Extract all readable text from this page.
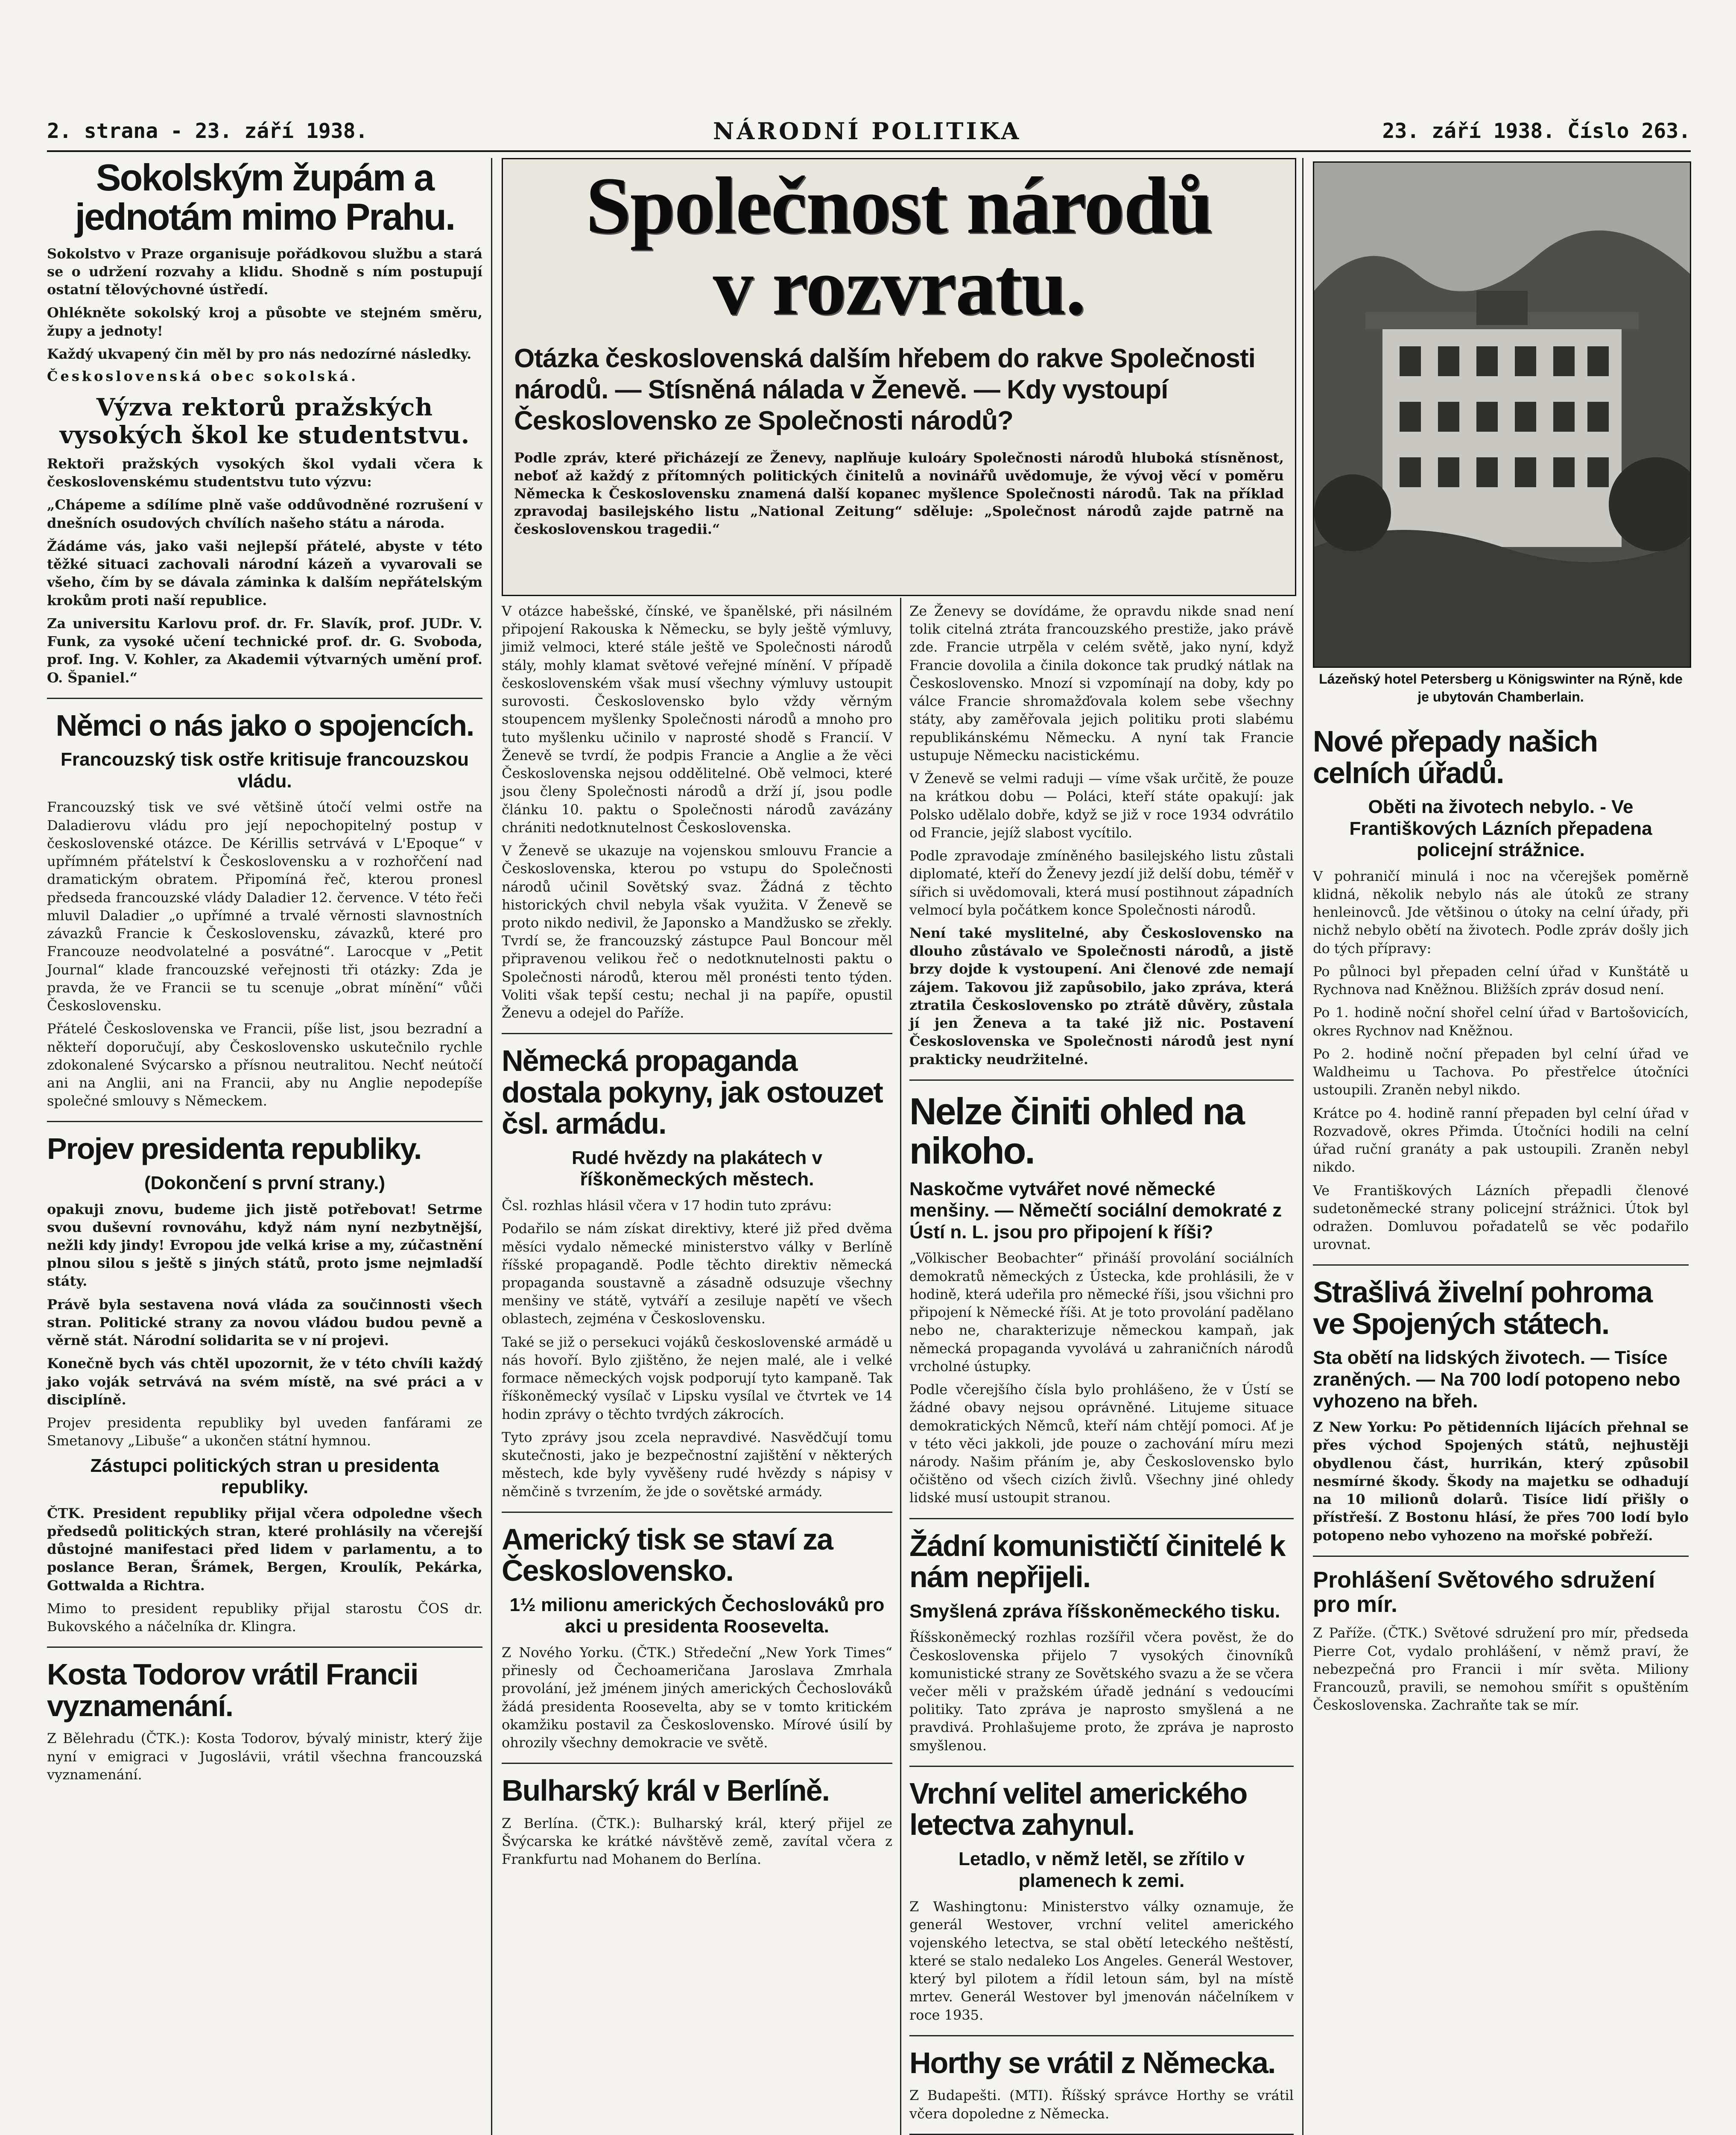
2. strana - 23. září 1938.	NÁRODNÍ POLITIKA	23. září 1938. Číslo 263.
Sokolským župám a jednotám mimo Prahu.

Sokolstvo v Praze organisuje pořádkovou službu a stará se o udržení rozvahy a klidu. Shodně s ním postupují ostatní tělovýchovné ústředí.

Ohlékněte sokolský kroj a působte ve stejném směru, župy a jednoty!

Každý ukvapený čin měl by pro nás nedozírné následky.

Československá obec sokolská.

Výzva rektorů pražských vysokých škol ke studentstvu.

Rektoři pražských vysokých škol vydali včera k československému studentstvu tuto výzvu:

„Chápeme a sdílíme plně vaše oddůvodněné rozrušení v dnešních osudových chvílích našeho státu a národa.

Žádáme vás, jako vaši nejlepší přátelé, abyste v této těžké situaci zachovali národní kázeň a vyvarovali se všeho, čím by se dávala záminka k dalším nepřátelským krokům proti naší republice.

Za universitu Karlovu prof. dr. Fr. Slavík, prof. JUDr. V. Funk, za vysoké učení technické prof. dr. G. Svoboda, prof. Ing. V. Kohler, za Akademii výtvarných umění prof. O. Španiel.“

Němci o nás jako o spojencích.
Francouzský tisk ostře kritisuje francouzskou vládu.

Francouzský tisk ve své většině útočí velmi ostře na Daladierovu vládu pro její nepochopitelný postup v československé otázce. De Kérillis setrvává v L'Epoque“ v upřímném přátelství k Československu a v rozhořčení nad dramatickým obratem. Připomíná řeč, kterou pronesl předseda francouzské vlády Daladier 12. července. V této řeči mluvil Daladier „o upřímné a trvalé věrnosti slavnostních závazků Francie k Československu, závazků, které pro Francouze neodvolatelné a posvátné“. Larocque v „Petit Journal“ klade francouzské veřejnosti tři otázky: Zda je pravda, že ve Francii se tu scenuje „obrat mínění“ vůči Československu.

Přátelé Československa ve Francii, píše list, jsou bezradní a někteří doporučují, aby Československo uskutečnilo rychle zdokonalené Svýcarsko a přísnou neutralitou. Nechť neútočí ani na Anglii, ani na Francii, aby nu Anglie nepodepíše společné smlouvy s Německem.

Projev presidenta republiky.
(Dokončení s první strany.)

opakuji znovu, budeme jich jistě potřebovat! Setrme svou duševní rovnováhu, když nám nyní nezbytnější, nežli kdy jindy! Evropou jde velká krise a my, zúčastnění plnou silou s ještě s jiných států, proto jsme nejmladší státy.

Právě byla sestavena nová vláda za součinnosti všech stran. Politické strany za novou vládou budou pevně a věrně stát. Národní solidarita se v ní projevi.

Konečně bych vás chtěl upozornit, že v této chvíli každý jako voják setrvává na svém místě, na své práci a v disciplíně.

Projev presidenta republiky byl uveden fanfárami ze Smetanovy „Libuše“ a ukončen státní hymnou.

Zástupci politických stran u presidenta republiky.

ČTK. President republiky přijal včera odpoledne všech předsedů politických stran, které prohlásily na včerejší důstojné manifestaci před lidem v parlamentu, a to poslance Beran, Šrámek, Bergen, Kroulík, Pekárka, Gottwalda a Richtra.

Mimo to president republiky přijal starostu ČOS dr. Bukovského a náčelníka dr. Klingra.

Kosta Todorov vrátil Francii vyznamenání.

Z Bělehradu (ČTK.): Kosta Todorov, bývalý ministr, který žije nyní v emigraci v Jugoslávii, vrátil všechna francouzská vyznamenání.

Společnost národů
v rozvratu.
Otázka československá dalším hřebem do rakve Společnosti národů. — Stísněná nálada v Ženevě. — Kdy vystoupí Československo ze Společnosti národů?

Podle zpráv, které přicházejí ze Ženevy, naplňuje kuloáry Společnosti národů hluboká stísněnost, neboť až každý z přítomných politických činitelů a novinářů uvědomuje, že vývoj věcí v poměru Německa k Československu znamená další kopanec myšlence Společnosti národů. Tak na příklad zpravodaj basilejského listu „National Zeitung“ sděluje: „Společnost národů zajde patrně na československou tragedii.“

V otázce habešské, čínské, ve španělské, při násilném připojení Rakouska k Německu, se byly ještě výmluvy, jimiž velmoci, které stále ještě ve Společnosti národů stály, mohly klamat světové veřejné mínění. V případě československém však musí všechny výmluvy ustoupit surovosti. Československo bylo vždy věrným stoupencem myšlenky Společnosti národů a mnoho pro tuto myšlenku učinilo v naprosté shodě s Francií. V Ženevě se tvrdí, že podpis Francie a Anglie a že věci Československa nejsou oddělitelné. Obě velmoci, které jsou členy Společnosti národů a drží jí, jsou podle článku 10. paktu o Společnosti národů zavázány chrániti nedotknutelnost Československa.

V Ženevě se ukazuje na vojenskou smlouvu Francie a Československa, kterou po vstupu do Společnosti národů učinil Sovětský svaz. Žádná z těchto historických chvil nebyla však využita. V Ženevě se proto nikdo nedivil, že Japonsko a Mandžusko se zřekly. Tvrdí se, že francouzský zástupce Paul Boncour měl připravenou velikou řeč o nedotknutelnosti paktu o Společnosti národů, kterou měl pronésti tento týden. Voliti však tepší cestu; nechal ji na papíře, opustil Ženevu a odejel do Paříže.

Německá propaganda dostala pokyny, jak ostouzet čsl. armádu.
Rudé hvězdy na plakátech v říškoněmeckých městech.

Čsl. rozhlas hlásil včera v 17 hodin tuto zprávu:

Podařilo se nám získat direktivy, které již před dvěma měsíci vydalo německé ministerstvo války v Berlíně říšské propagandě. Podle těchto direktiv německá propaganda soustavně a zásadně odsuzuje všechny menšiny ve státě, vytváří a zesiluje napětí ve všech oblastech, zejména v Československu.

Také se již o persekuci vojáků československé armádě u nás hovoří. Bylo zjištěno, že nejen malé, ale i velké formace německých vojsk podporují tyto kampaně. Tak říškoněmecký vysílač v Lipsku vysílal ve čtvrtek ve 14 hodin zprávy o těchto tvrdých zákrocích.

Tyto zprávy jsou zcela nepravdivé. Nasvědčují tomu skutečnosti, jako je bezpečnostní zajištění v některých městech, kde byly vyvěšeny rudé hvězdy s nápisy v němčině s tvrzením, že jde o sovětské armády.

Americký tisk se staví za Československo.
1½ milionu amerických Čechoslováků pro akci u presidenta Roosevelta.

Z Nového Yorku. (ČTK.) Středeční „New York Times“ přinesly od Čechoameričana Jaroslava Zmrhala provolání, jež jménem jiných amerických Čechoslováků žádá presidenta Roosevelta, aby se v tomto kritickém okamžiku postavil za Československo. Mírové úsilí by ohrozily všechny demokracie ve světě.

Bulharský král v Berlíně.

Z Berlína. (ČTK.): Bulharský král, který přijel ze Švýcarska ke krátké návštěvě země, zavítal včera z Frankfurtu nad Mohanem do Berlína.

Ze Ženevy se dovídáme, že opravdu nikde snad není tolik citelná ztráta francouzského prestiže, jako právě zde. Francie utrpěla v celém světě, jako nyní, když Francie dovolila a činila dokonce tak prudký nátlak na Československo. Mnozí si vzpomínají na doby, kdy po válce Francie shromažďovala kolem sebe všechny státy, aby zaměřovala jejich politiku proti slabému republikánskému Německu. A nyní tak Francie ustupuje Německu nacistickému.

V Ženevě se velmi raduji — víme však určitě, že pouze na krátkou dobu — Poláci, kteří státe opakují: jak Polsko udělalo dobře, když se již v roce 1934 odvrátilo od Francie, jejíž slabost vycítilo.

Podle zpravodaje zmíněného basilejského listu zůstali diplomaté, kteří do Ženevy jezdí již delší dobu, téměř v sířich si uvědomovali, která musí postihnout západních velmocí byla počátkem konce Společnosti národů.

Není také myslitelné, aby Československo na dlouho zůstávalo ve Společnosti národů, a jistě brzy dojde k vystoupení. Ani členové zde nemají zájem. Takovou již zapůsobilo, jako zpráva, která ztratila Československo po ztrátě důvěry, zůstala jí jen Ženeva a ta také již nic. Postavení Československa ve Společnosti národů jest nyní prakticky neudržitelné.

Nelze činiti ohled na nikoho.
Naskočme vytvářet nové německé menšiny. — Němečtí sociální demokraté z Ústí n. L. jsou pro připojení k říši?

„Völkischer Beobachter“ přináší provolání sociálních demokratů německých z Ústecka, kde prohlásili, že v hodině, která udeřila pro německé říši, jsou všichni pro připojení k Německé říši. At je toto provolání padělano nebo ne, charakterizuje německou kampaň, jak německá propaganda vyvolává u zahraničních národů vrcholné ústupky.

Podle včerejšího čísla bylo prohlášeno, že v Ústí se žádné obavy nejsou oprávněné. Litujeme situace demokratických Němců, kteří nám chtějí pomoci. Ať je v této věci jakkoli, jde pouze o zachování míru mezi národy. Našim přáním je, aby Československo bylo očištěno od všech cizích živlů. Všechny jiné ohledy lidské musí ustoupit stranou.

Žádní komunističtí činitelé k nám nepřijeli.
Smyšlená zpráva říšskoněmeckého tisku.

Říšskoněmecký rozhlas rozšířil včera pověst, že do Československa přijelo 7 vysokých činovníků komunistické strany ze Sovětského svazu a že se včera večer měli v pražském úřadě jednání s vedoucími politiky. Tato zpráva je naprosto smyšlená a ne pravdivá. Prohlašujeme proto, že zpráva je naprosto smyšlenou.

Vrchní velitel amerického letectva zahynul.
Letadlo, v němž letěl, se zřítilo v plamenech k zemi.

Z Washingtonu: Ministerstvo války oznamuje, že generál Westover, vrchní velitel amerického vojenského letectva, se stal obětí leteckého neštěstí, které se stalo nedaleko Los Angeles. Generál Westover, který byl pilotem a řídil letoun sám, byl na místě mrtev. Generál Westover byl jmenován náčelníkem v roce 1935.

Horthy se vrátil z Německa.

Z Budapešti. (MTI). Říšský správce Horthy se vrátil včera dopoledne z Německa.

Lázeňský hotel Petersberg u Königswinter na Rýně, kde je ubytován Chamberlain.
Nové přepady našich celních úřadů.
Oběti na životech nebylo. - Ve Františkových Lázních přepadena policejní strážnice.

V pohraničí minulá i noc na včerejšek poměrně klidná, několik nebylo nás ale útoků ze strany henleinovců. Jde většinou o útoky na celní úřady, při nichž nebylo obětí na životech. Podle zpráv došly jich do tých přípravy:

Po půlnoci byl přepaden celní úřad v Kunštátě u Rychnova nad Kněžnou. Bližších zpráv dosud není.

Po 1. hodině noční shořel celní úřad v Bartošovicích, okres Rychnov nad Kněžnou.

Po 2. hodině noční přepaden byl celní úřad ve Waldheimu u Tachova. Po přestřelce útočníci ustoupili. Zraněn nebyl nikdo.

Krátce po 4. hodině ranní přepaden byl celní úřad v Rozvadově, okres Přimda. Útočníci hodili na celní úřad ruční granáty a pak ustoupili. Zraněn nebyl nikdo.

Ve Františkových Lázních přepadli členové sudetoněmecké strany policejní strážnici. Útok byl odražen. Domluvou pořadatelů se věc podařilo urovnat.

Strašlivá živelní pohroma ve Spojených státech.
Sta obětí na lidských životech. — Tisíce zraněných. — Na 700 lodí potopeno nebo vyhozeno na břeh.

Z New Yorku: Po pětidenních lijácích přehnal se přes východ Spojených států, nejhustěji obydlenou část, hurrikán, který způsobil nesmírné škody. Škody na majetku se odhadují na 10 milionů dolarů. Tisíce lidí přišly o přístřeší. Z Bostonu hlásí, že přes 700 lodí bylo potopeno nebo vyhozeno na mořské pobřeží.

Prohlášení Světového sdružení pro mír.

Z Paříže. (ČTK.) Světové sdružení pro mír, předseda Pierre Cot, vydalo prohlášení, v němž praví, že nebezpečná pro Francii i mír světa. Miliony Francouzů, pravili, se nemohou smířit s opuštěním Československa. Zachraňte tak se mír.
